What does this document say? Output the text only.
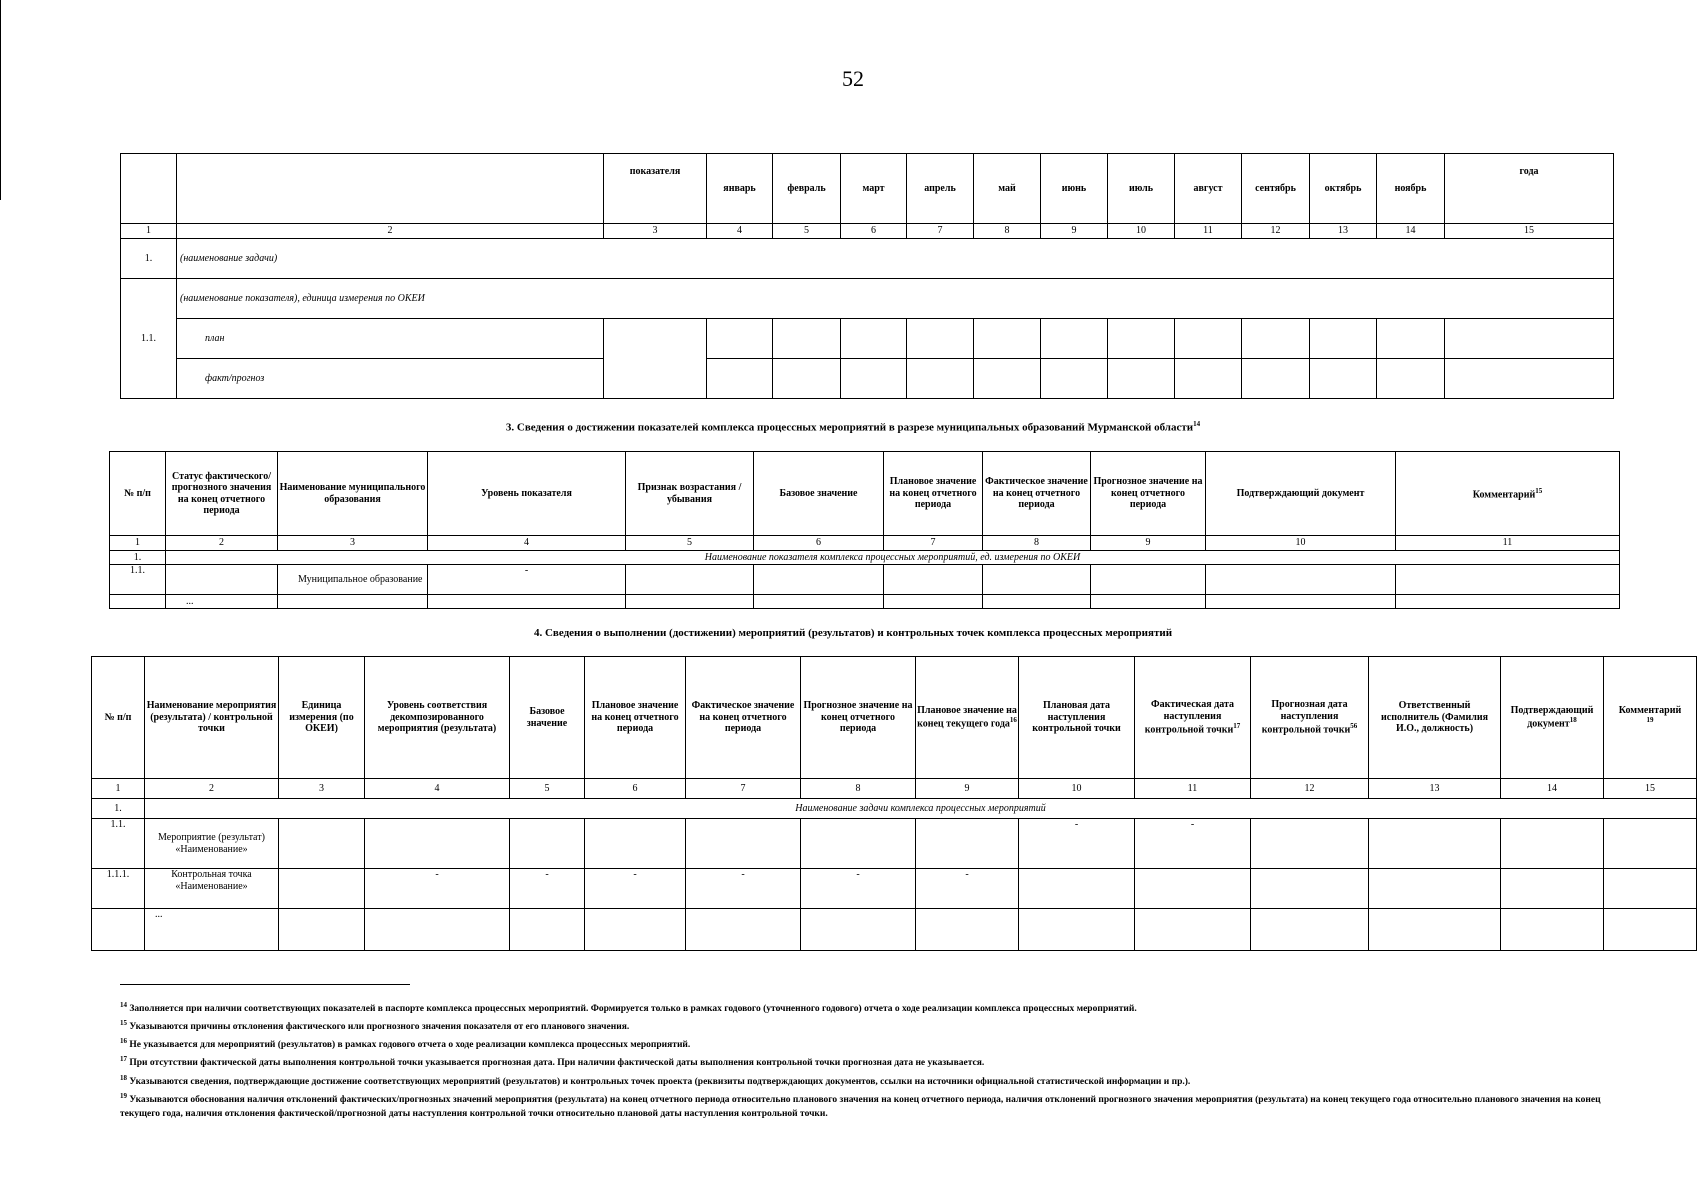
52
		показателя	январь	февраль	март	апрель	май	июнь	июль	август	сентябрь	октябрь	ноябрь	года
1	2	3	4	5	6	7	8	9	10	11	12	13	14	15
1.	(наименование задачи)													
1.1.	(наименование показателя), единица измерения по ОКЕИ													
	план													
	факт/прогноз													
3. Сведения о достижении показателей комплекса процессных мероприятий в разрезе муниципальных образований Мурманской области$^{14}$
№ п/п	Статус фактического/ прогнозного значения на конец отчетного периода	Наименование муниципального образования	Уровень показателя	Признак возрастания / убывания	Базовое значение	Плановое значение на конец отчетного периода	Фактическое значение на конец отчетного периода	Прогнозное значение на конец отчетного периода	Подтверждающий документ	Комментарий$^{15}$
1	2	3	4	5	6	7	8	9	10	11
1.	Наименование показателя комплекса процессных мероприятий, ед. измерения по ОКЕИ									
1.1.		Муниципальное образование	-							
	...									
4. Сведения о выполнении (достижении) мероприятий (результатов) и контрольных точек комплекса процессных мероприятий
№ п/п	Наименование мероприятия (результата) / контрольной точки	Единица измерения (по ОКЕИ)	Уровень соответствия декомпозированного мероприятия (результата)	Базовое значение	Плановое значение на конец отчетного периода	Фактическое значение на конец отчетного периода	Прогнозное значение на конец отчетного периода	Плановое значение на конец текущего года$^{16}$	Плановая дата наступления контрольной точки	Фактическая дата наступления контрольной точки$^{17}$	Прогнозная дата наступления контрольной точки$^{56}$	Ответственный исполнитель (Фамилия И.О., должность)	Подтверждающий документ$^{18}$	Комментарий
$^{19}$
1	2	3	4	5	6	7	8	9	10	11	12	13	14	15
1.	Наименование задачи комплекса процессных мероприятий													
1.1.	Мероприятие (результат) «Наименование»								-	-				
1.1.1.	Контрольная точка «Наименование»		-	-	-	-	-	-						
	...													
$^{14}$ Заполняется при наличии соответствующих показателей в паспорте комплекса процессных мероприятий. Формируется только в рамках годового (уточненного годового) отчета о ходе реализации комплекса процессных мероприятий.
$^{15}$ Указываются причины отклонения фактического или прогнозного значения показателя от его планового значения.
$^{16}$ Не указывается для мероприятий (результатов) в рамках годового отчета о ходе реализации комплекса процессных мероприятий.
$^{17}$ При отсутствии фактической даты выполнения контрольной точки указывается прогнозная дата. При наличии фактической даты выполнения контрольной точки прогнозная дата не указывается.
$^{18}$ Указываются сведения, подтверждающие достижение соответствующих мероприятий (результатов) и контрольных точек проекта (реквизиты подтверждающих документов, ссылки на источники официальной статистической информации и пр.).
$^{19}$ Указываются обоснования наличия отклонений фактических/прогнозных значений мероприятия (результата) на конец отчетного периода относительно планового значения на конец отчетного периода, наличия отклонений прогнозного значения мероприятия (результата) на конец текущего года относительно планового значения на конец текущего года, наличия отклонения фактической/прогнозной даты наступления контрольной точки относительно плановой даты наступления контрольной точки.
